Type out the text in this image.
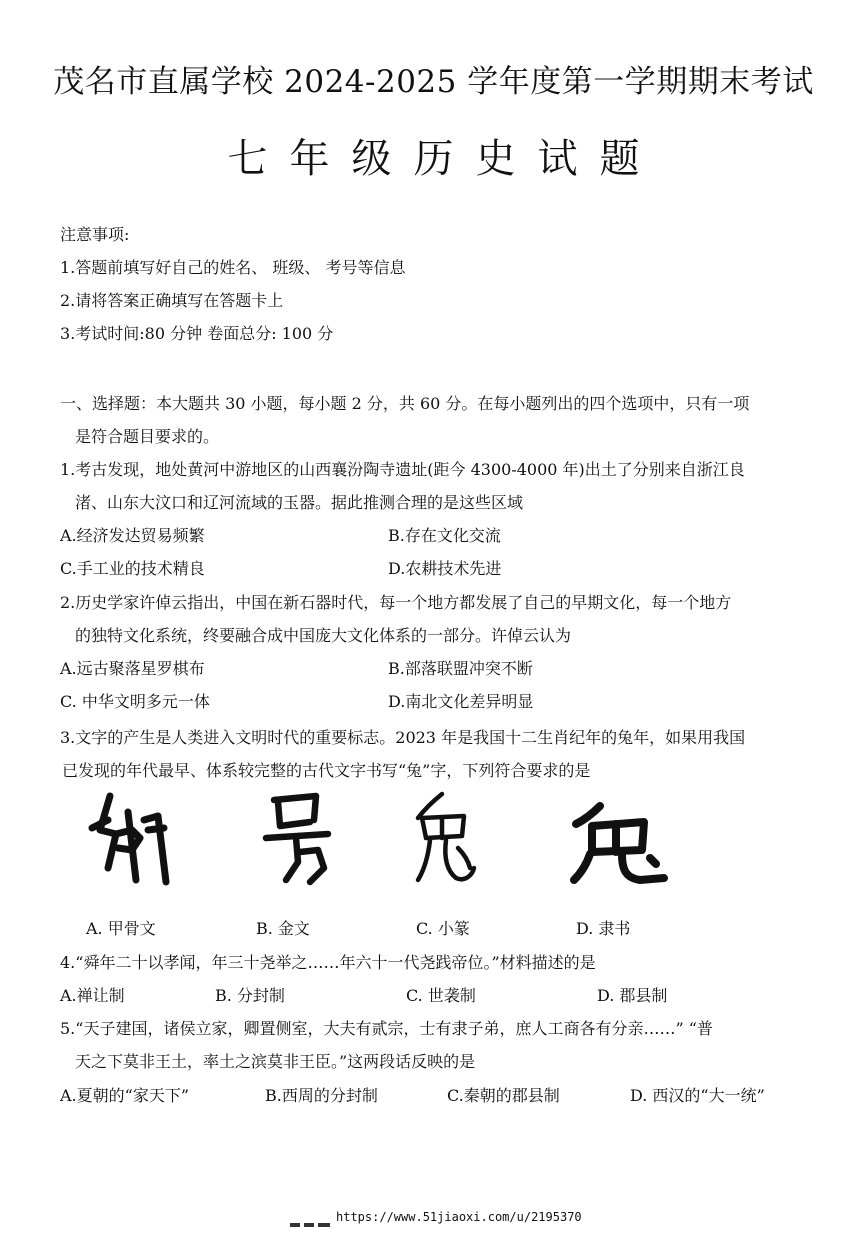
茂名市直属学校 2024-2025 学年度第一学期期末考试
七年级历史试题
注意事项:
1.答题前填写好自己的姓名、 班级、 考号等信息
2.请将答案正确填写在答题卡上
3.考试时间:80 分钟 卷面总分: 100 分
一、选择题：本大题共 30 小题，每小题 2 分，共 60 分。在每小题列出的四个选项中，只有一项
是符合题目要求的。
1.考古发现，地处黄河中游地区的山西襄汾陶寺遗址(距今 4300-4000 年)出土了分别来自浙江良
渚、山东大汶口和辽河流域的玉器。据此推测合理的是这些区域
A.经济发达贸易频繁	B.存在文化交流
C.手工业的技术精良	D.农耕技术先进
2.历史学家许倬云指出，中国在新石器时代，每一个地方都发展了自己的早期文化，每一个地方
的独特文化系统，终要融合成中国庞大文化体系的一部分。许倬云认为
A.远古聚落星罗棋布	B.部落联盟冲突不断
C. 中华文明多元一体	D.南北文化差异明显
3.文字的产生是人类进入文明时代的重要标志。2023 年是我国十二生肖纪年的兔年，如果用我国
已发现的年代最早、体系较完整的古代文字书写“兔”字，下列符合要求的是
A. 甲骨文	B. 金文	C. 小篆	D. 隶书
4.“舜年二十以孝闻，年三十尧举之……年六十一代尧践帝位。”材料描述的是
A.禅让制	B. 分封制	C. 世袭制	D. 郡县制
5.“天子建国，诸侯立家，卿置侧室，大夫有贰宗，士有隶子弟，庶人工商各有分亲……” “普
天之下莫非王土，率土之滨莫非王臣。”这两段话反映的是
A.夏朝的“家天下”	B.西周的分封制	C.秦朝的郡县制	D. 西汉的“大一统”
https://www.51jiaoxi.com/u/2195370
